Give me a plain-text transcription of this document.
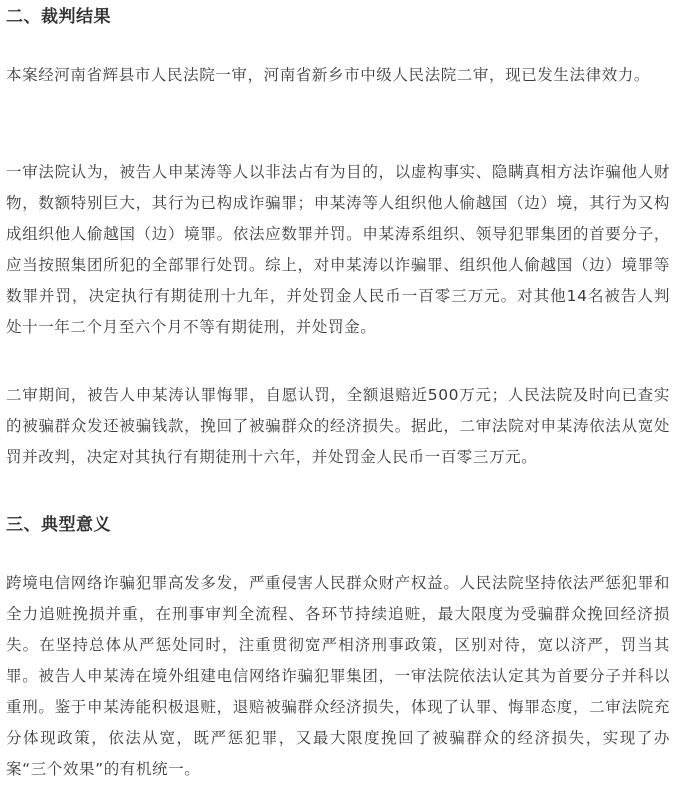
二、裁判结果

本案经河南省辉县市人民法院一审，河南省新乡市中级人民法院二审，现已发生法律效力。

一审法院认为，被告人申某涛等人以非法占有为目的，以虚构事实、隐瞒真相方法诈骗他人财物，数额特别巨大，其行为已构成诈骗罪；申某涛等人组织他人偷越国（边）境，其行为又构成组织他人偷越国（边）境罪。依法应数罪并罚。申某涛系组织、领导犯罪集团的首要分子，应当按照集团所犯的全部罪行处罚。综上，对申某涛以诈骗罪、组织他人偷越国（边）境罪等数罪并罚，决定执行有期徒刑十九年，并处罚金人民币一百零三万元。对其他14名被告人判处十一年二个月至六个月不等有期徒刑，并处罚金。

二审期间，被告人申某涛认罪悔罪，自愿认罚，全额退赔近500万元；人民法院及时向已查实的被骗群众发还被骗钱款，挽回了被骗群众的经济损失。据此，二审法院对申某涛依法从宽处罚并改判，决定对其执行有期徒刑十六年，并处罚金人民币一百零三万元。

三、典型意义

跨境电信网络诈骗犯罪高发多发，严重侵害人民群众财产权益。人民法院坚持依法严惩犯罪和全力追赃挽损并重，在刑事审判全流程、各环节持续追赃，最大限度为受骗群众挽回经济损失。在坚持总体从严惩处同时，注重贯彻宽严相济刑事政策，区别对待，宽以济严，罚当其罪。被告人申某涛在境外组建电信网络诈骗犯罪集团，一审法院依法认定其为首要分子并科以重刑。鉴于申某涛能积极退赃，退赔被骗群众经济损失，体现了认罪、悔罪态度，二审法院充分体现政策，依法从宽，既严惩犯罪，又最大限度挽回了被骗群众的经济损失，实现了办案“三个效果”的有机统一。
